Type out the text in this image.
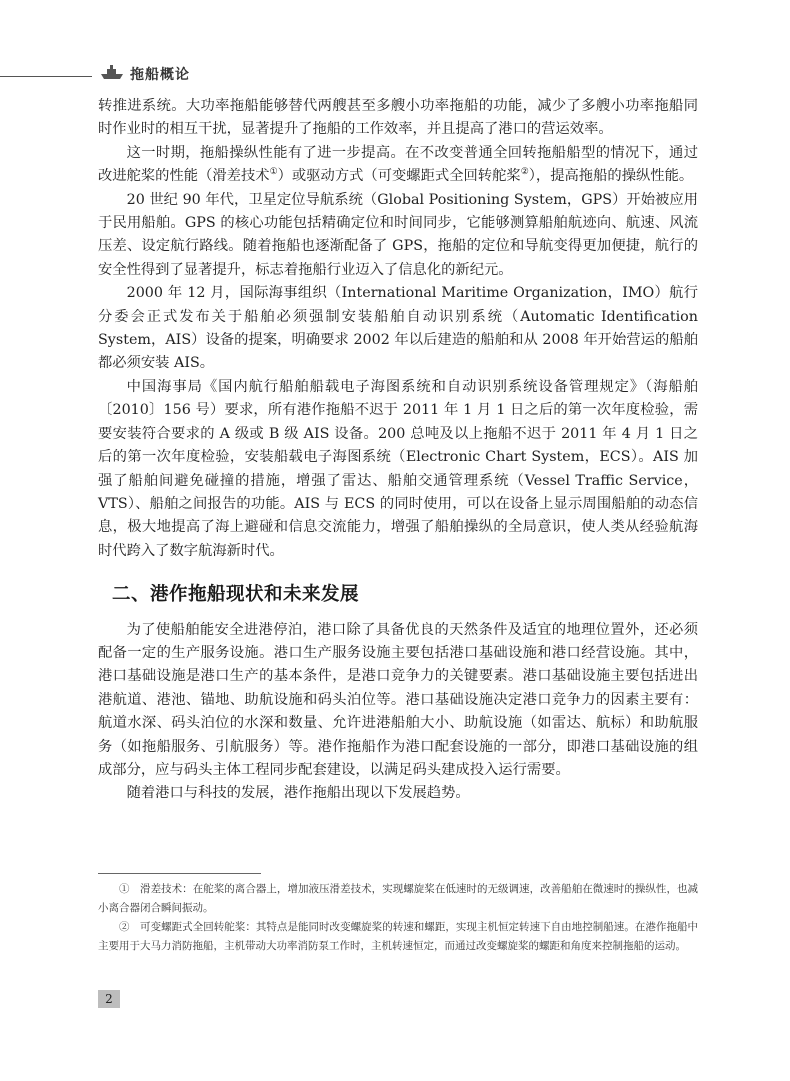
拖船概论

转推进系统。大功率拖船能够替代两艘甚至多艘小功率拖船的功能，减少了多艘小功率拖船同时作业时的相互干扰，显著提升了拖船的工作效率，并且提高了港口的营运效率。

这一时期，拖船操纵性能有了进一步提高。在不改变普通全回转拖船船型的情况下，通过改进舵桨的性能（滑差技术①）或驱动方式（可变螺距式全回转舵桨②），提高拖船的操纵性能。

20 世纪 90 年代，卫星定位导航系统（Global Positioning System，GPS）开始被应用于民用船舶。GPS 的核心功能包括精确定位和时间同步，它能够测算船舶航迹向、航速、风流压差、设定航行路线。随着拖船也逐渐配备了 GPS，拖船的定位和导航变得更加便捷，航行的安全性得到了显著提升，标志着拖船行业迈入了信息化的新纪元。

2000 年 12 月，国际海事组织（International Maritime Organization，IMO）航行分委会正式发布关于船舶必须强制安装船舶自动识别系统（Automatic Identification System，AIS）设备的提案，明确要求 2002 年以后建造的船舶和从 2008 年开始营运的船舶都必须安装 AIS。

中国海事局《国内航行船舶船载电子海图系统和自动识别系统设备管理规定》（海船舶〔2010〕156 号）要求，所有港作拖船不迟于 2011 年 1 月 1 日之后的第一次年度检验，需要安装符合要求的 A 级或 B 级 AIS 设备。200 总吨及以上拖船不迟于 2011 年 4 月 1 日之后的第一次年度检验，安装船载电子海图系统（Electronic Chart System，ECS）。AIS 加强了船舶间避免碰撞的措施，增强了雷达、船舶交通管理系统（Vessel Traffic Service，VTS）、船舶之间报告的功能。AIS 与 ECS 的同时使用，可以在设备上显示周围船舶的动态信息，极大地提高了海上避碰和信息交流能力，增强了船舶操纵的全局意识，使人类从经验航海时代跨入了数字航海新时代。

二、港作拖船现状和未来发展

为了使船舶能安全进港停泊，港口除了具备优良的天然条件及适宜的地理位置外，还必须配备一定的生产服务设施。港口生产服务设施主要包括港口基础设施和港口经营设施。其中，港口基础设施是港口生产的基本条件，是港口竞争力的关键要素。港口基础设施主要包括进出港航道、港池、锚地、助航设施和码头泊位等。港口基础设施决定港口竞争力的因素主要有：航道水深、码头泊位的水深和数量、允许进港船舶大小、助航设施（如雷达、航标）和助航服务（如拖船服务、引航服务）等。港作拖船作为港口配套设施的一部分，即港口基础设施的组成部分，应与码头主体工程同步配套建设，以满足码头建成投入运行需要。

随着港口与科技的发展，港作拖船出现以下发展趋势。

①　滑差技术：在舵桨的离合器上，增加液压滑差技术，实现螺旋桨在低速时的无级调速，改善船舶在微速时的操纵性，也减小离合器闭合瞬间振动。

②　可变螺距式全回转舵桨：其特点是能同时改变螺旋桨的转速和螺距，实现主机恒定转速下自由地控制船速。在港作拖船中主要用于大马力消防拖船，主机带动大功率消防泵工作时，主机转速恒定，而通过改变螺旋桨的螺距和角度来控制拖船的运动。

2
